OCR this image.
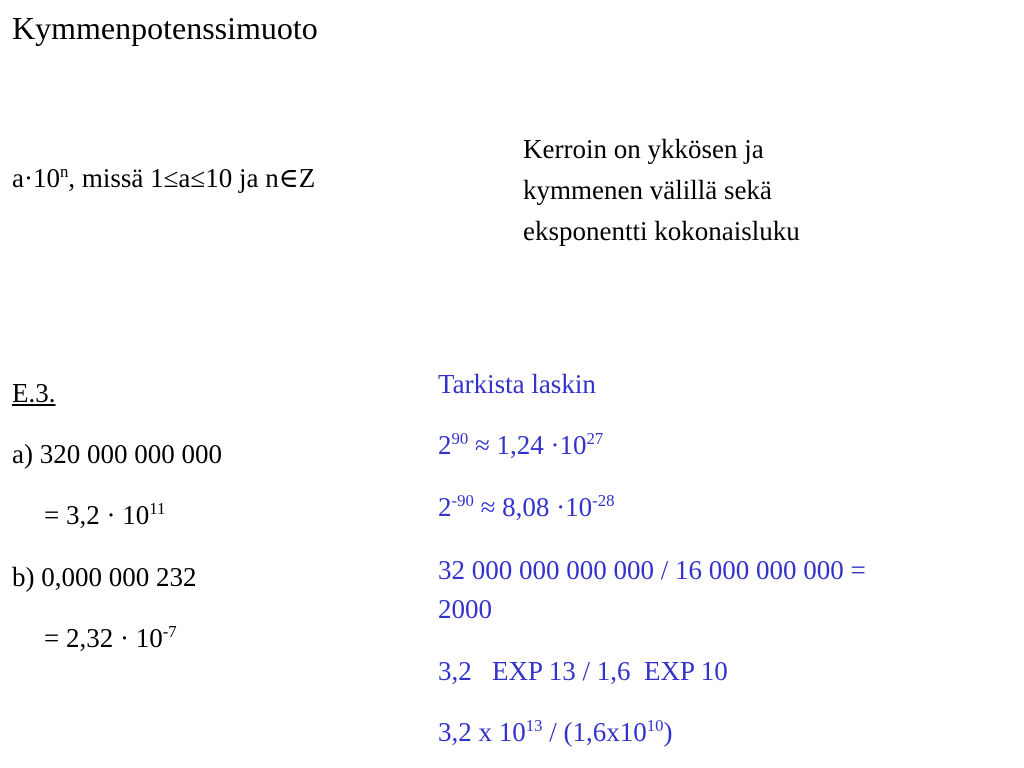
Kymmenpotenssimuoto
$a\cdot 10^n$, missä 1≤a≤10 ja n∈Z
Kerroin on ykkösen ja
kymmenen välillä sekä
eksponentti kokonaisluku
E.3.
a) 320 000 000 000
= $3,2 \cdot 10^{11}$
b) 0,000 000 232
= $2,32 \cdot 10^{-7}$
Tarkista laskin
$2^{90} \approx 1,24 \cdot 10^{27}$
$2^{-90} \approx 8,08 \cdot 10^{-28}$
32 000 000 000 000 / 16 000 000 000 =
2000
3,2   EXP 13 / 1,6  EXP 10
3,2 x $10^{13} / (1,6x10^{10})$
